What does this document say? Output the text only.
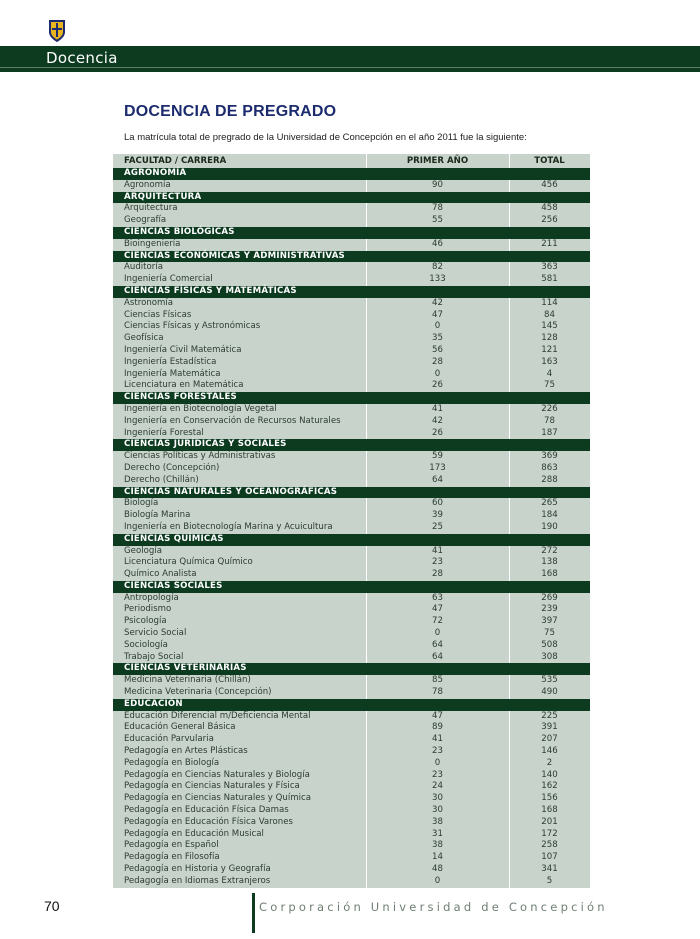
Docencia
DOCENCIA DE PREGRADO
La matrícula total de pregrado de la Universidad de Concepción en el año 2011 fue la siguiente:
FACULTAD / CARRERA	PRIMER AÑO	TOTAL
AGRONOMÍA
Agronomía	90	456
ARQUITECTURA
Arquitectura	78	458
Geografía	55	256
CIENCIAS BIOLÓGICAS
Bioingeniería	46	211
CIENCIAS ECONÓMICAS Y ADMINISTRATIVAS
Auditoría	82	363
Ingeniería Comercial	133	581
CIENCIAS FÍSICAS Y MATEMÁTICAS
Astronomía	42	114
Ciencias Físicas	47	84
Ciencias Físicas y Astronómicas	0	145
Geofísica	35	128
Ingeniería Civil Matemática	56	121
Ingeniería Estadística	28	163
Ingeniería Matemática	0	4
Licenciatura en Matemática	26	75
CIENCIAS FORESTALES
Ingeniería en Biotecnología Vegetal	41	226
Ingeniería en Conservación de Recursos Naturales	42	78
Ingeniería Forestal	26	187
CIENCIAS JURÍDICAS Y SOCIALES
Ciencias Políticas y Administrativas	59	369
Derecho (Concepción)	173	863
Derecho (Chillán)	64	288
CIENCIAS NATURALES Y OCEANOGRÁFICAS
Biología	60	265
Biología Marina	39	184
Ingeniería en Biotecnología Marina y Acuicultura	25	190
CIENCIAS QUÍMICAS
Geología	41	272
Licenciatura Química Químico	23	138
Químico Analista	28	168
CIENCIAS SOCIALES
Antropología	63	269
Periodismo	47	239
Psicología	72	397
Servicio Social	0	75
Sociología	64	508
Trabajo Social	64	308
CIENCIAS VETERINARIAS
Medicina Veterinaria (Chillán)	85	535
Medicina Veterinaria (Concepción)	78	490
EDUCACIÓN
Educación Diferencial m/Deficiencia Mental	47	225
Educación General Básica	89	391
Educación Parvularia	41	207
Pedagogía en Artes Plásticas	23	146
Pedagogía en Biología	0	2
Pedagogía en Ciencias Naturales y Biología	23	140
Pedagogía en Ciencias Naturales y Física	24	162
Pedagogía en Ciencias Naturales y Química	30	156
Pedagogía en Educación Física Damas	30	168
Pedagogía en Educación Física Varones	38	201
Pedagogía en Educación Musical	31	172
Pedagogía en Español	38	258
Pedagogía en Filosofía	14	107
Pedagogía en Historia y Geografía	48	341
Pedagogía en Idiomas Extranjeros	0	5
70	Corporación Universidad de Concepción
